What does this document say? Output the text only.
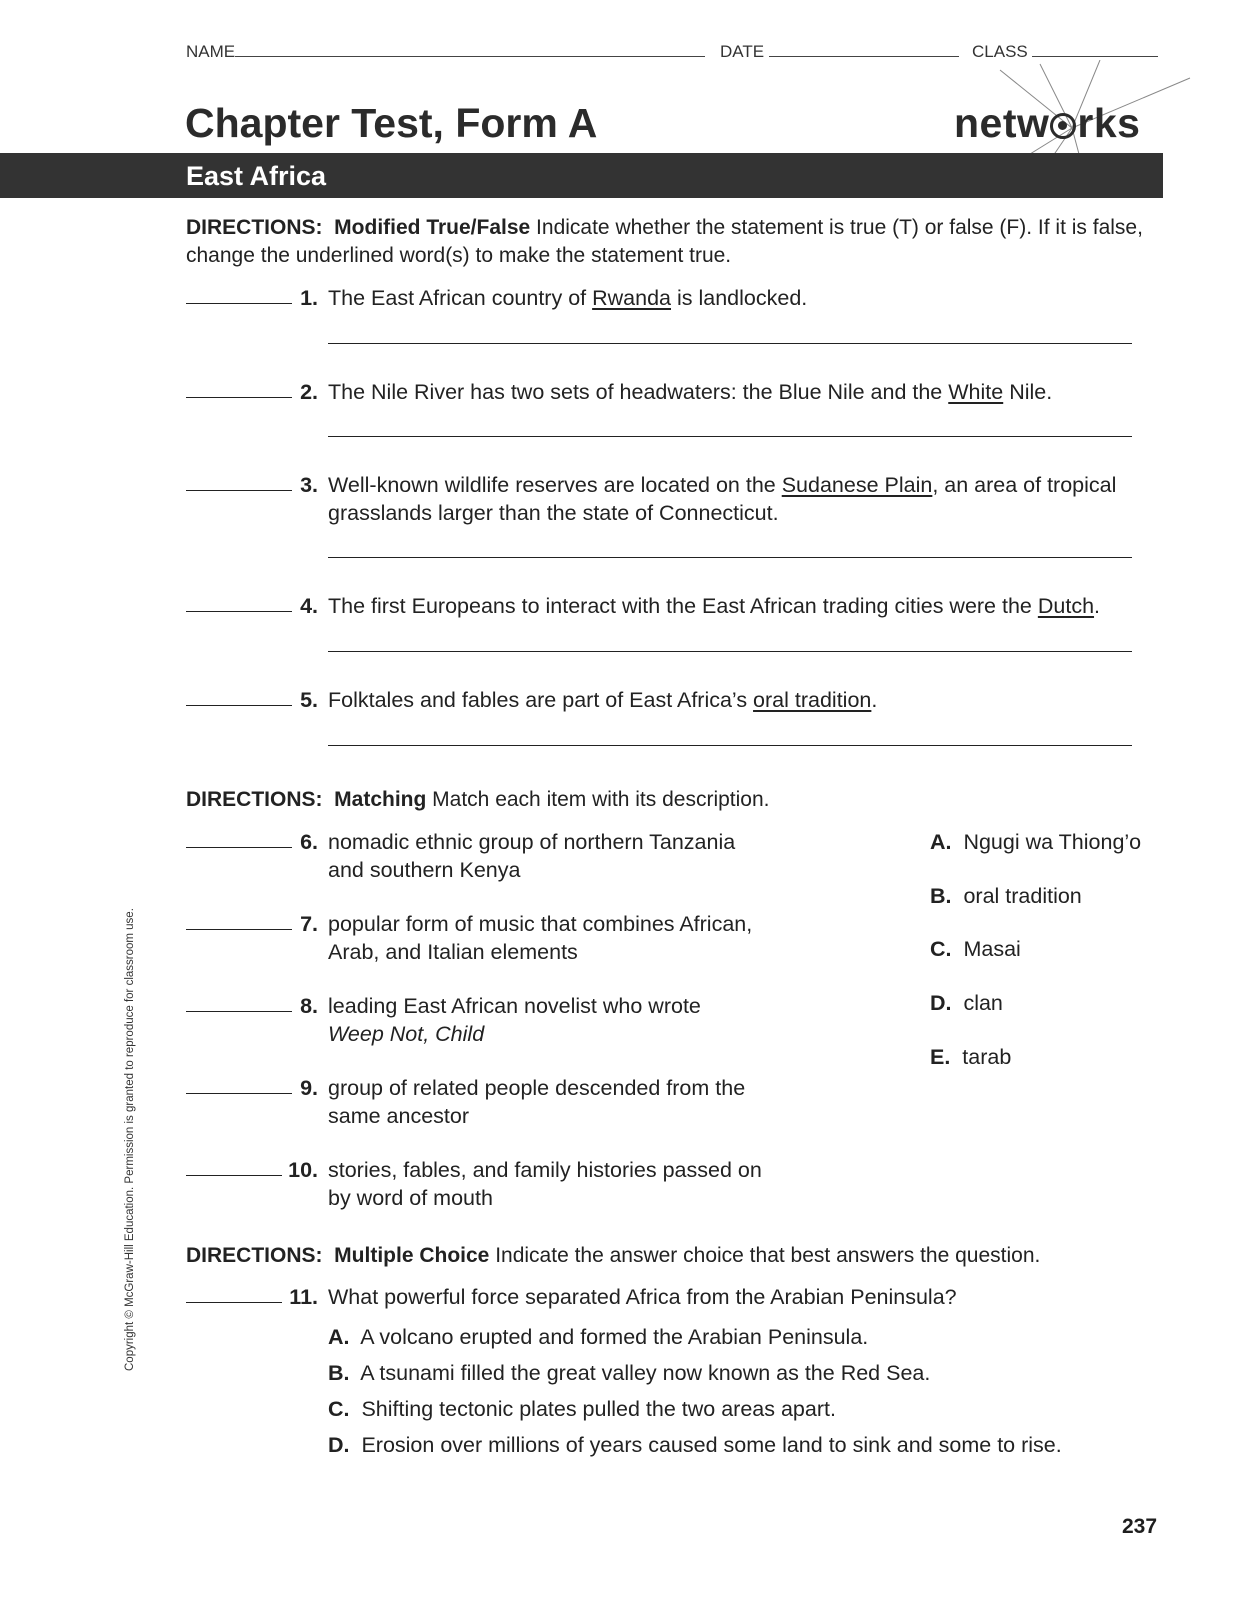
NAME	DATE	CLASS
Chapter Test, Form A	netw rks
East Africa
DIRECTIONS: Modified True/False Indicate whether the statement is true (T) or false (F). If it is false, change the underlined word(s) to make the statement true.
1. The East African country of Rwanda is landlocked.
2. The Nile River has two sets of headwaters: the Blue Nile and the White Nile.
3. Well-known wildlife reserves are located on the Sudanese Plain, an area of tropical grasslands larger than the state of Connecticut.
4. The first Europeans to interact with the East African trading cities were the Dutch.
5. Folktales and fables are part of East Africa’s oral tradition.
DIRECTIONS: Matching Match each item with its description.
6. nomadic ethnic group of northern Tanzania
and southern Kenya
7. popular form of music that combines African,
Arab, and Italian elements
8. leading East African novelist who wrote
Weep Not, Child
9. group of related people descended from the
same ancestor
10. stories, fables, and family histories passed on
by word of mouth
A. Ngugi wa Thiong’o
B. oral tradition
C. Masai
D. clan
E. tarab
DIRECTIONS: Multiple Choice Indicate the answer choice that best answers the question.
11. What powerful force separated Africa from the Arabian Peninsula?
A. A volcano erupted and formed the Arabian Peninsula.
B. A tsunami filled the great valley now known as the Red Sea.
C. Shifting tectonic plates pulled the two areas apart.
D. Erosion over millions of years caused some land to sink and some to rise.
Copyright © McGraw-Hill Education. Permission is granted to reproduce for classroom use.
237
